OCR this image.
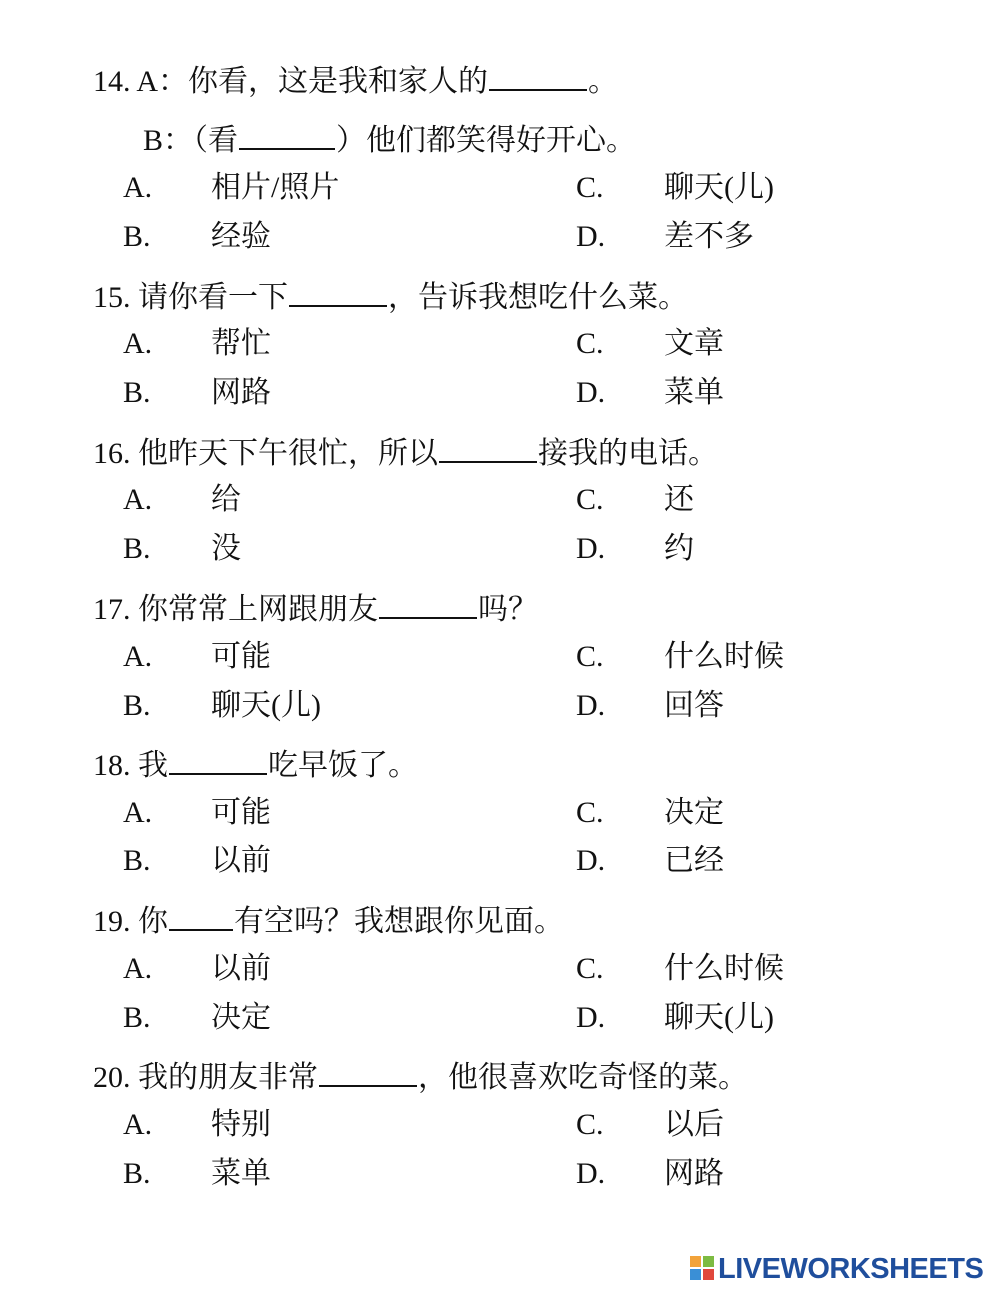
14. A：你看，这是我和家人的	。
B：（看	）他们都笑得好开心。
A. 相片/照片	C. 聊天(儿)
B. 经验	D. 差不多
15. 请你看一下	，告诉我想吃什么菜。
A. 帮忙	C. 文章
B. 网路	D. 菜单
16. 他昨天下午很忙，所以	接我的电话。
A. 给	C. 还
B. 没	D. 约
17. 你常常上网跟朋友	吗？
A. 可能	C. 什么时候
B. 聊天(儿)	D. 回答
18. 我	吃早饭了。
A. 可能	C. 决定
B. 以前	D. 已经
19. 你 有空吗？我想跟你见面。
A. 以前	C. 什么时候
B. 决定	D. 聊天(儿)
20. 我的朋友非常	，他很喜欢吃奇怪的菜。
A. 特别	C. 以后
B. 菜单	D. 网路
LIVEWORKSHEETS
